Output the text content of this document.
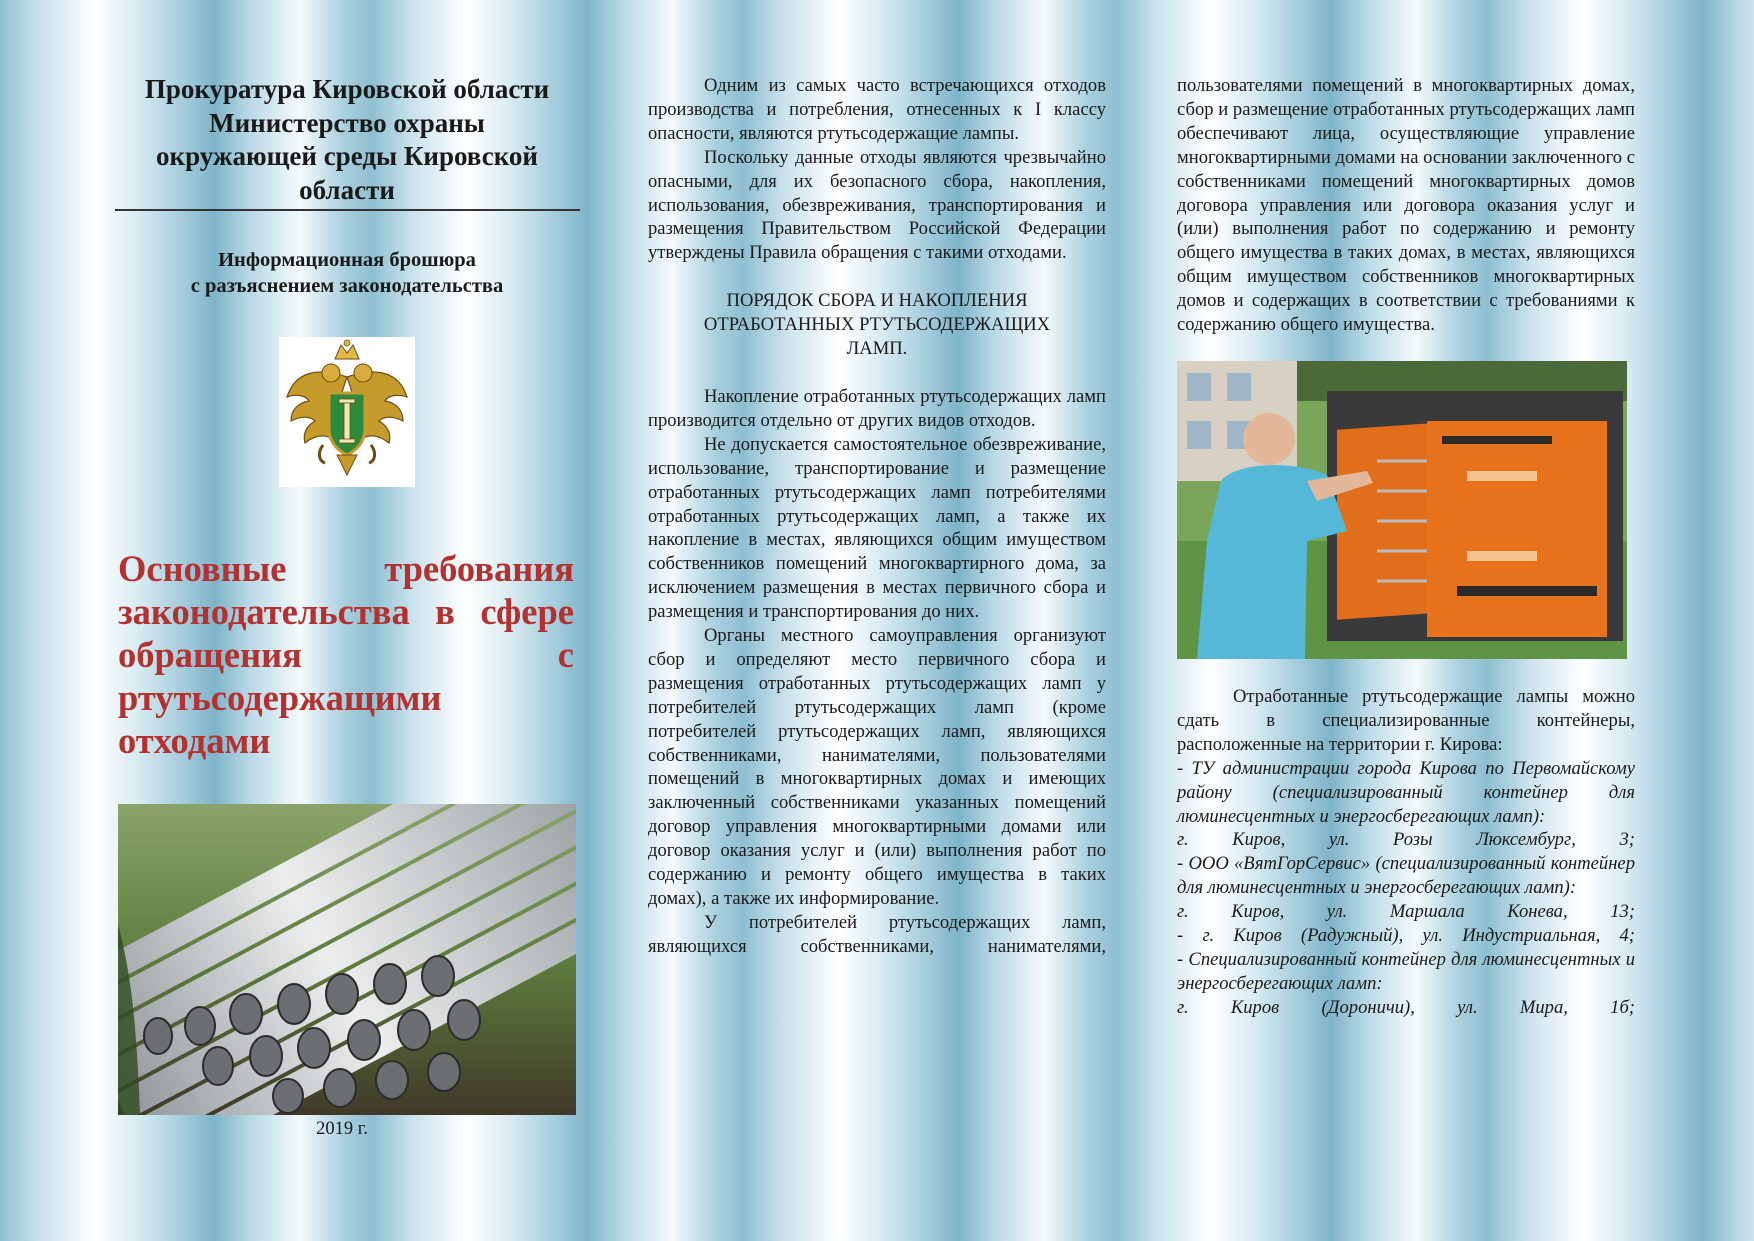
Прокуратура Кировской области
Министерство охраны
окружающей среды Кировской
области
Информационная брошюра
с разъяснением законодательства
Основные требования
законодательства в сфере
обращения с
ртутьсодержащими
отходами
2019 г.

Одним из самых часто встречающихся отходов производства и потребления, отнесенных к I классу опасности, являются ртутьсодержащие лампы.

Поскольку данные отходы являются чрезвычайно опасными, для их безопасного сбора, накопления, использования, обезвреживания, транспортирования и размещения Правительством Российской Федерации утверждены Правила обращения с такими отходами.

ПОРЯДОК СБОРА И НАКОПЛЕНИЯ ОТРАБОТАННЫХ РТУТЬСОДЕРЖАЩИХ ЛАМП.

Накопление отработанных ртутьсодержащих ламп производится отдельно от других видов отходов.

Не допускается самостоятельное обезвреживание, использование, транспортирование и размещение отработанных ртутьсодержащих ламп потребителями отработанных ртутьсодержащих ламп, а также их накопление в местах, являющихся общим имуществом собственников помещений многоквартирного дома, за исключением размещения в местах первичного сбора и размещения и транспортирования до них.

Органы местного самоуправления организуют сбор и определяют место первичного сбора и размещения отработанных ртутьсодержащих ламп у потребителей ртутьсодержащих ламп (кроме потребителей ртутьсодержащих ламп, являющихся собственниками, нанимателями, пользователями помещений в многоквартирных домах и имеющих заключенный собственниками указанных помещений договор управления многоквартирными домами или договор оказания услуг и (или) выполнения работ по содержанию и ремонту общего имущества в таких домах), а также их информирование.

У потребителей ртутьсодержащих ламп, являющихся собственниками, нанимателями,

пользователями помещений в многоквартирных домах, сбор и размещение отработанных ртутьсодержащих ламп обеспечивают лица, осуществляющие управление многоквартирными домами на основании заключенного с собственниками помещений многоквартирных домов договора управления или договора оказания услуг и (или) выполнения работ по содержанию и ремонту общего имущества в таких домах, в местах, являющихся общим имуществом собственников многоквартирных домов и содержащих в соответствии с требованиями к содержанию общего имущества.

Отработанные ртутьсодержащие лампы можно сдать в специализированные контейнеры, расположенные на территории г. Кирова:

- ТУ администрации города Кирова по Первомайскому району (специализированный контейнер для люминесцентных и энергосберегающих ламп):

г. Киров, ул. Розы Люксембург, 3;

- ООО «ВятГорСервис» (специализированный контейнер для люминесцентных и энергосберегающих ламп):

г. Киров, ул. Маршала Конева, 13;

- г. Киров (Радужный), ул. Индустриальная, 4;

- Специализированный контейнер для люминесцентных и энергосберегающих ламп:

г. Киров (Дороничи), ул. Мира, 1б;
